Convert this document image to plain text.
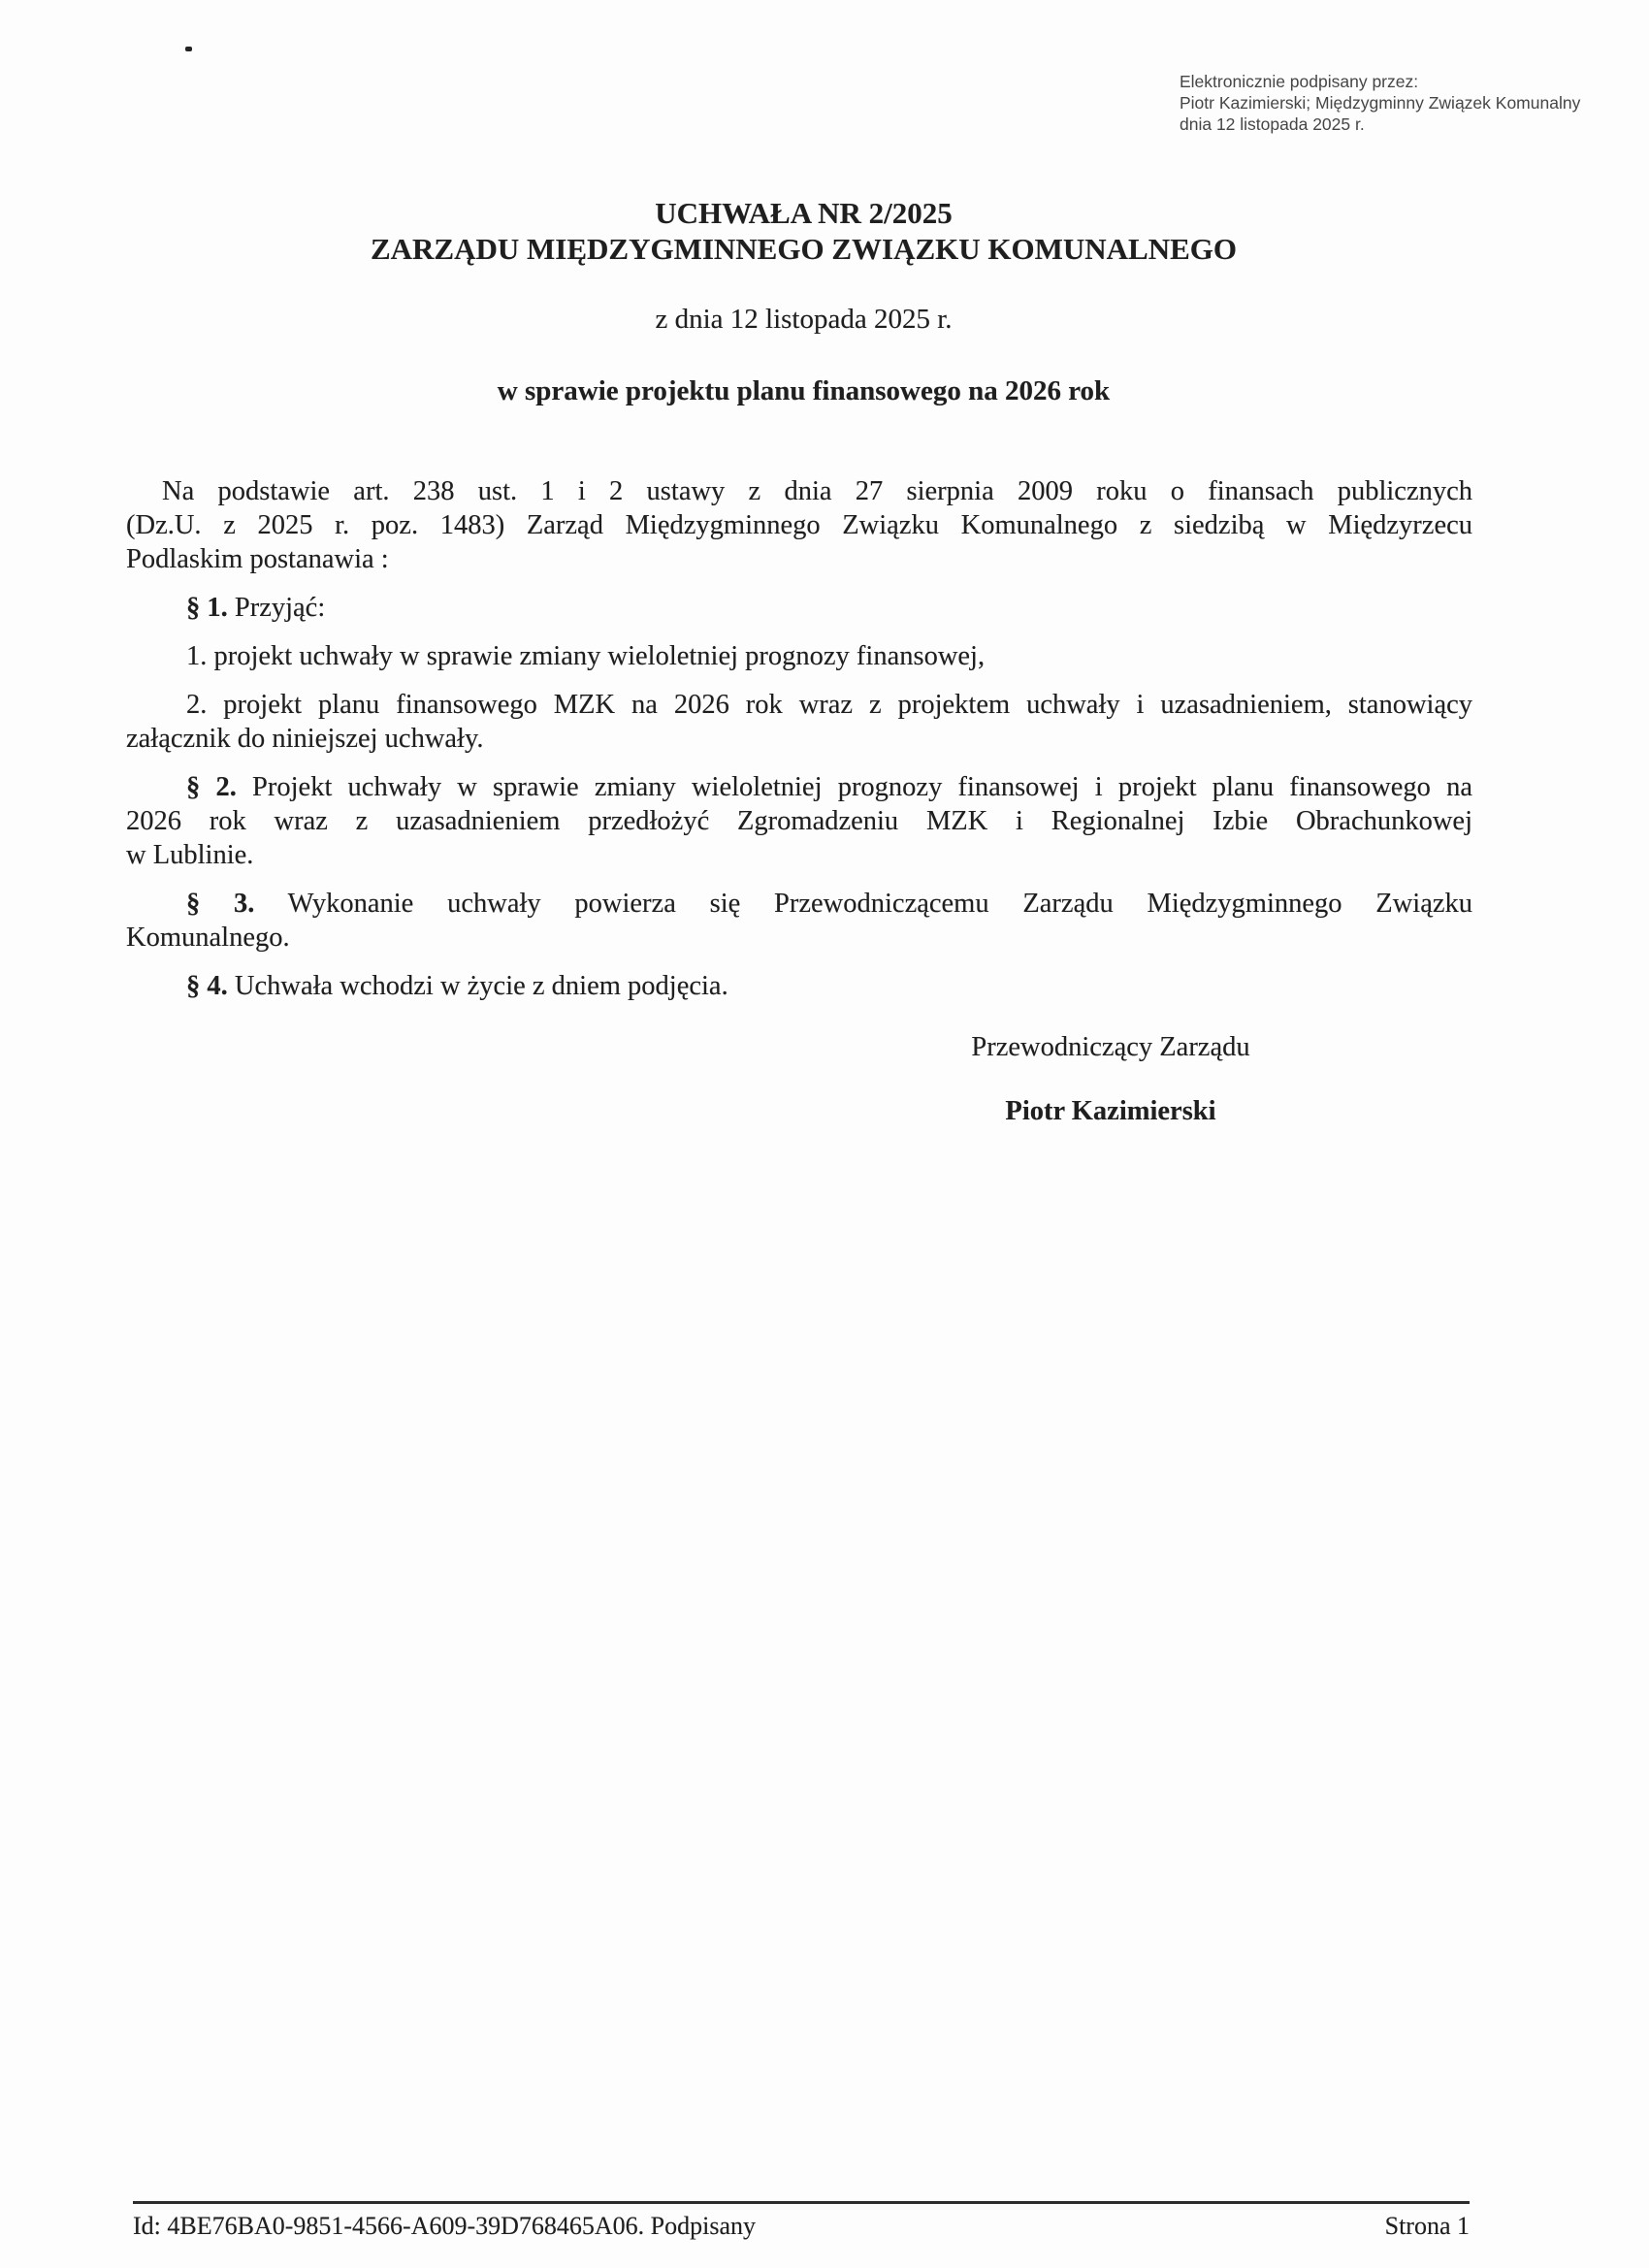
Elektronicznie podpisany przez:
Piotr Kazimierski; Międzygminny Związek Komunalny
dnia 12 listopada 2025 r.
UCHWAŁA NR 2/2025
ZARZĄDU MIĘDZYGMINNEGO ZWIĄZKU KOMUNALNEGO
z dnia 12 listopada 2025 r.
w sprawie projektu planu finansowego na 2026 rok
Na podstawie art. 238 ust. 1 i 2 ustawy z dnia 27 sierpnia 2009 roku o finansach publicznych
(Dz.U. z 2025 r. poz. 1483) Zarząd Międzygminnego Związku Komunalnego z siedzibą w Międzyrzecu
Podlaskim postanawia :
§ 1. Przyjąć:
1. projekt uchwały w sprawie zmiany wieloletniej prognozy finansowej,
2. projekt planu finansowego MZK na 2026 rok wraz z projektem uchwały i uzasadnieniem, stanowiący
załącznik do niniejszej uchwały.
§ 2. Projekt uchwały w sprawie zmiany wieloletniej prognozy finansowej i projekt planu finansowego na
2026 rok wraz z uzasadnieniem przedłożyć Zgromadzeniu MZK i Regionalnej Izbie Obrachunkowej
w Lublinie.
§ 3. Wykonanie uchwały powierza się Przewodniczącemu Zarządu Międzygminnego Związku
Komunalnego.
§ 4. Uchwała wchodzi w życie z dniem podjęcia.
Przewodniczący Zarządu
Piotr Kazimierski
Id: 4BE76BA0-9851-4566-A609-39D768465A06. Podpisany	Strona 1
